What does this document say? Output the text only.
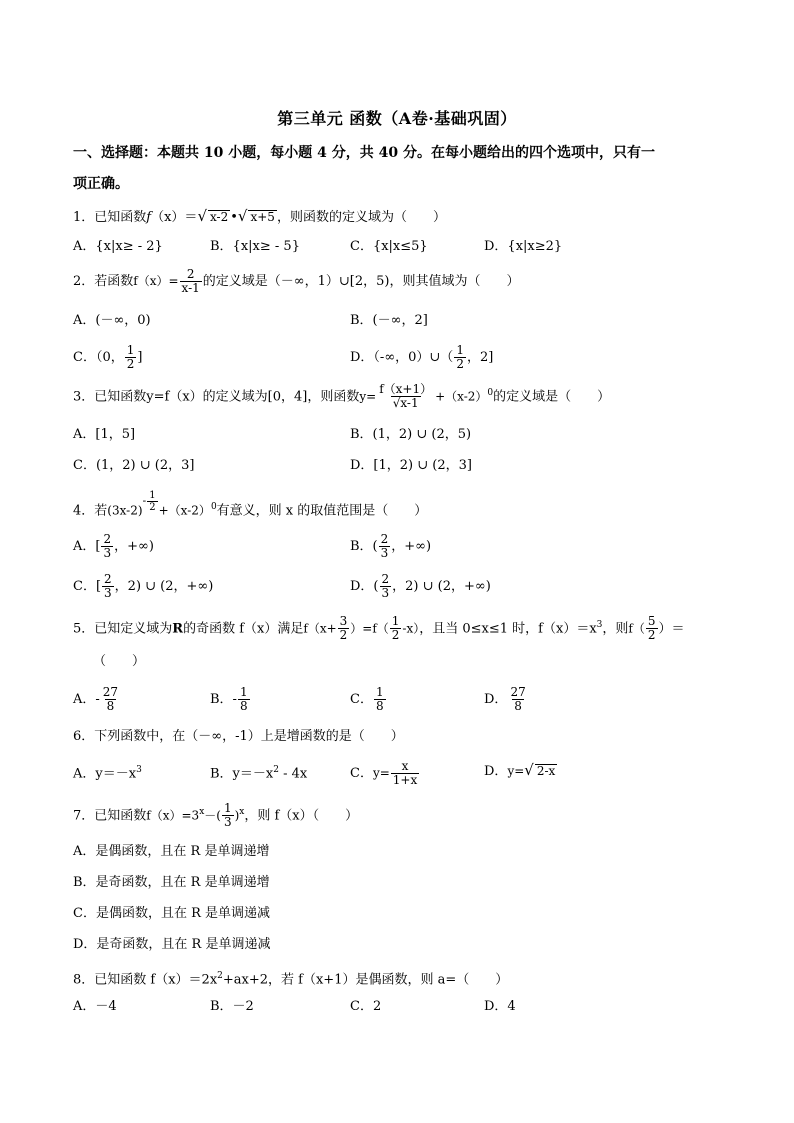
第三单元 函数（A卷·基础巩固）
一、选择题：本题共 10 小题，每小题 4 分，共 40 分。在每小题给出的四个选项中，只有一
项正确。
1．已知函数f（x）＝√ x-2 •√ x+5 ，则函数的定义域为（　　）
A．{x|x≥ - 2}	B．{x|x≥ - 5}	C．{x|x≤5}	D．{x|x≥2}
2．若函数$f(x)= \frac{2}{x-1}$ 的定义域是（－∞，1）∪[2，5)，则其值域为（　　）
A．(－∞，0)	B．(－∞，2]
C．（0， $\frac{1}{2}$ ]	D．（-∞，0）∪（ $\frac{1}{2}$ ，2]
3．已知函数y=f（x）的定义域为[0，4]，则函数$y= \frac{f(x+1)}{√x-1} +(x-2)^0$的定义域是（　　）
A．[1，5]	B．(1，2) ∪ (2，5)
C．(1，2) ∪ (2，3]	D．[1，2) ∪ (2，3]
4．若$(3x-2)^{- \frac{1}{2}} +(x-2)^0$有意义，则 x 的取值范围是（　　）
A．[ $\frac{2}{3}$ ，+∞)	B．( $\frac{2}{3}$ ，+∞)
C．[ $\frac{2}{3}$ ，2) ∪ (2，+∞)	D．( $\frac{2}{3}$ ，2) ∪ (2，+∞)
5．已知定义域为R的奇函数 f（x）满足$f(x+ \frac{3}{2} )=f( \frac{1}{2} -x)$，且当 0≤x≤1 时，$f(x)=x^3$，则$f( \frac{5}{2}$ ）＝
（　　）
A．- $\frac{27}{8}$	B．- $\frac{1}{8}$	C． $\frac{1}{8}$	D． $\frac{27}{8}$
6．下列函数中，在（－∞，-1）上是增函数的是（　　）
A．$y=-x^3$	B．$y=-x^2 - 4x$	C．$y= \frac{x}{1+x}$	D．y=√ 2-x
7．已知函数$f(x)=3^x-( \frac{1}{3} )^x$，则 f（x）（　　）
A．是偶函数，且在 R 是单调递增
B．是奇函数，且在 R 是单调递增
C．是偶函数，且在 R 是单调递减
D．是奇函数，且在 R 是单调递减
8．已知函数 $f(x)=2x^2+ax+2$，若 f（x+1）是偶函数，则 a=（　　）
A．－4	B．－2	C．2	D．4
